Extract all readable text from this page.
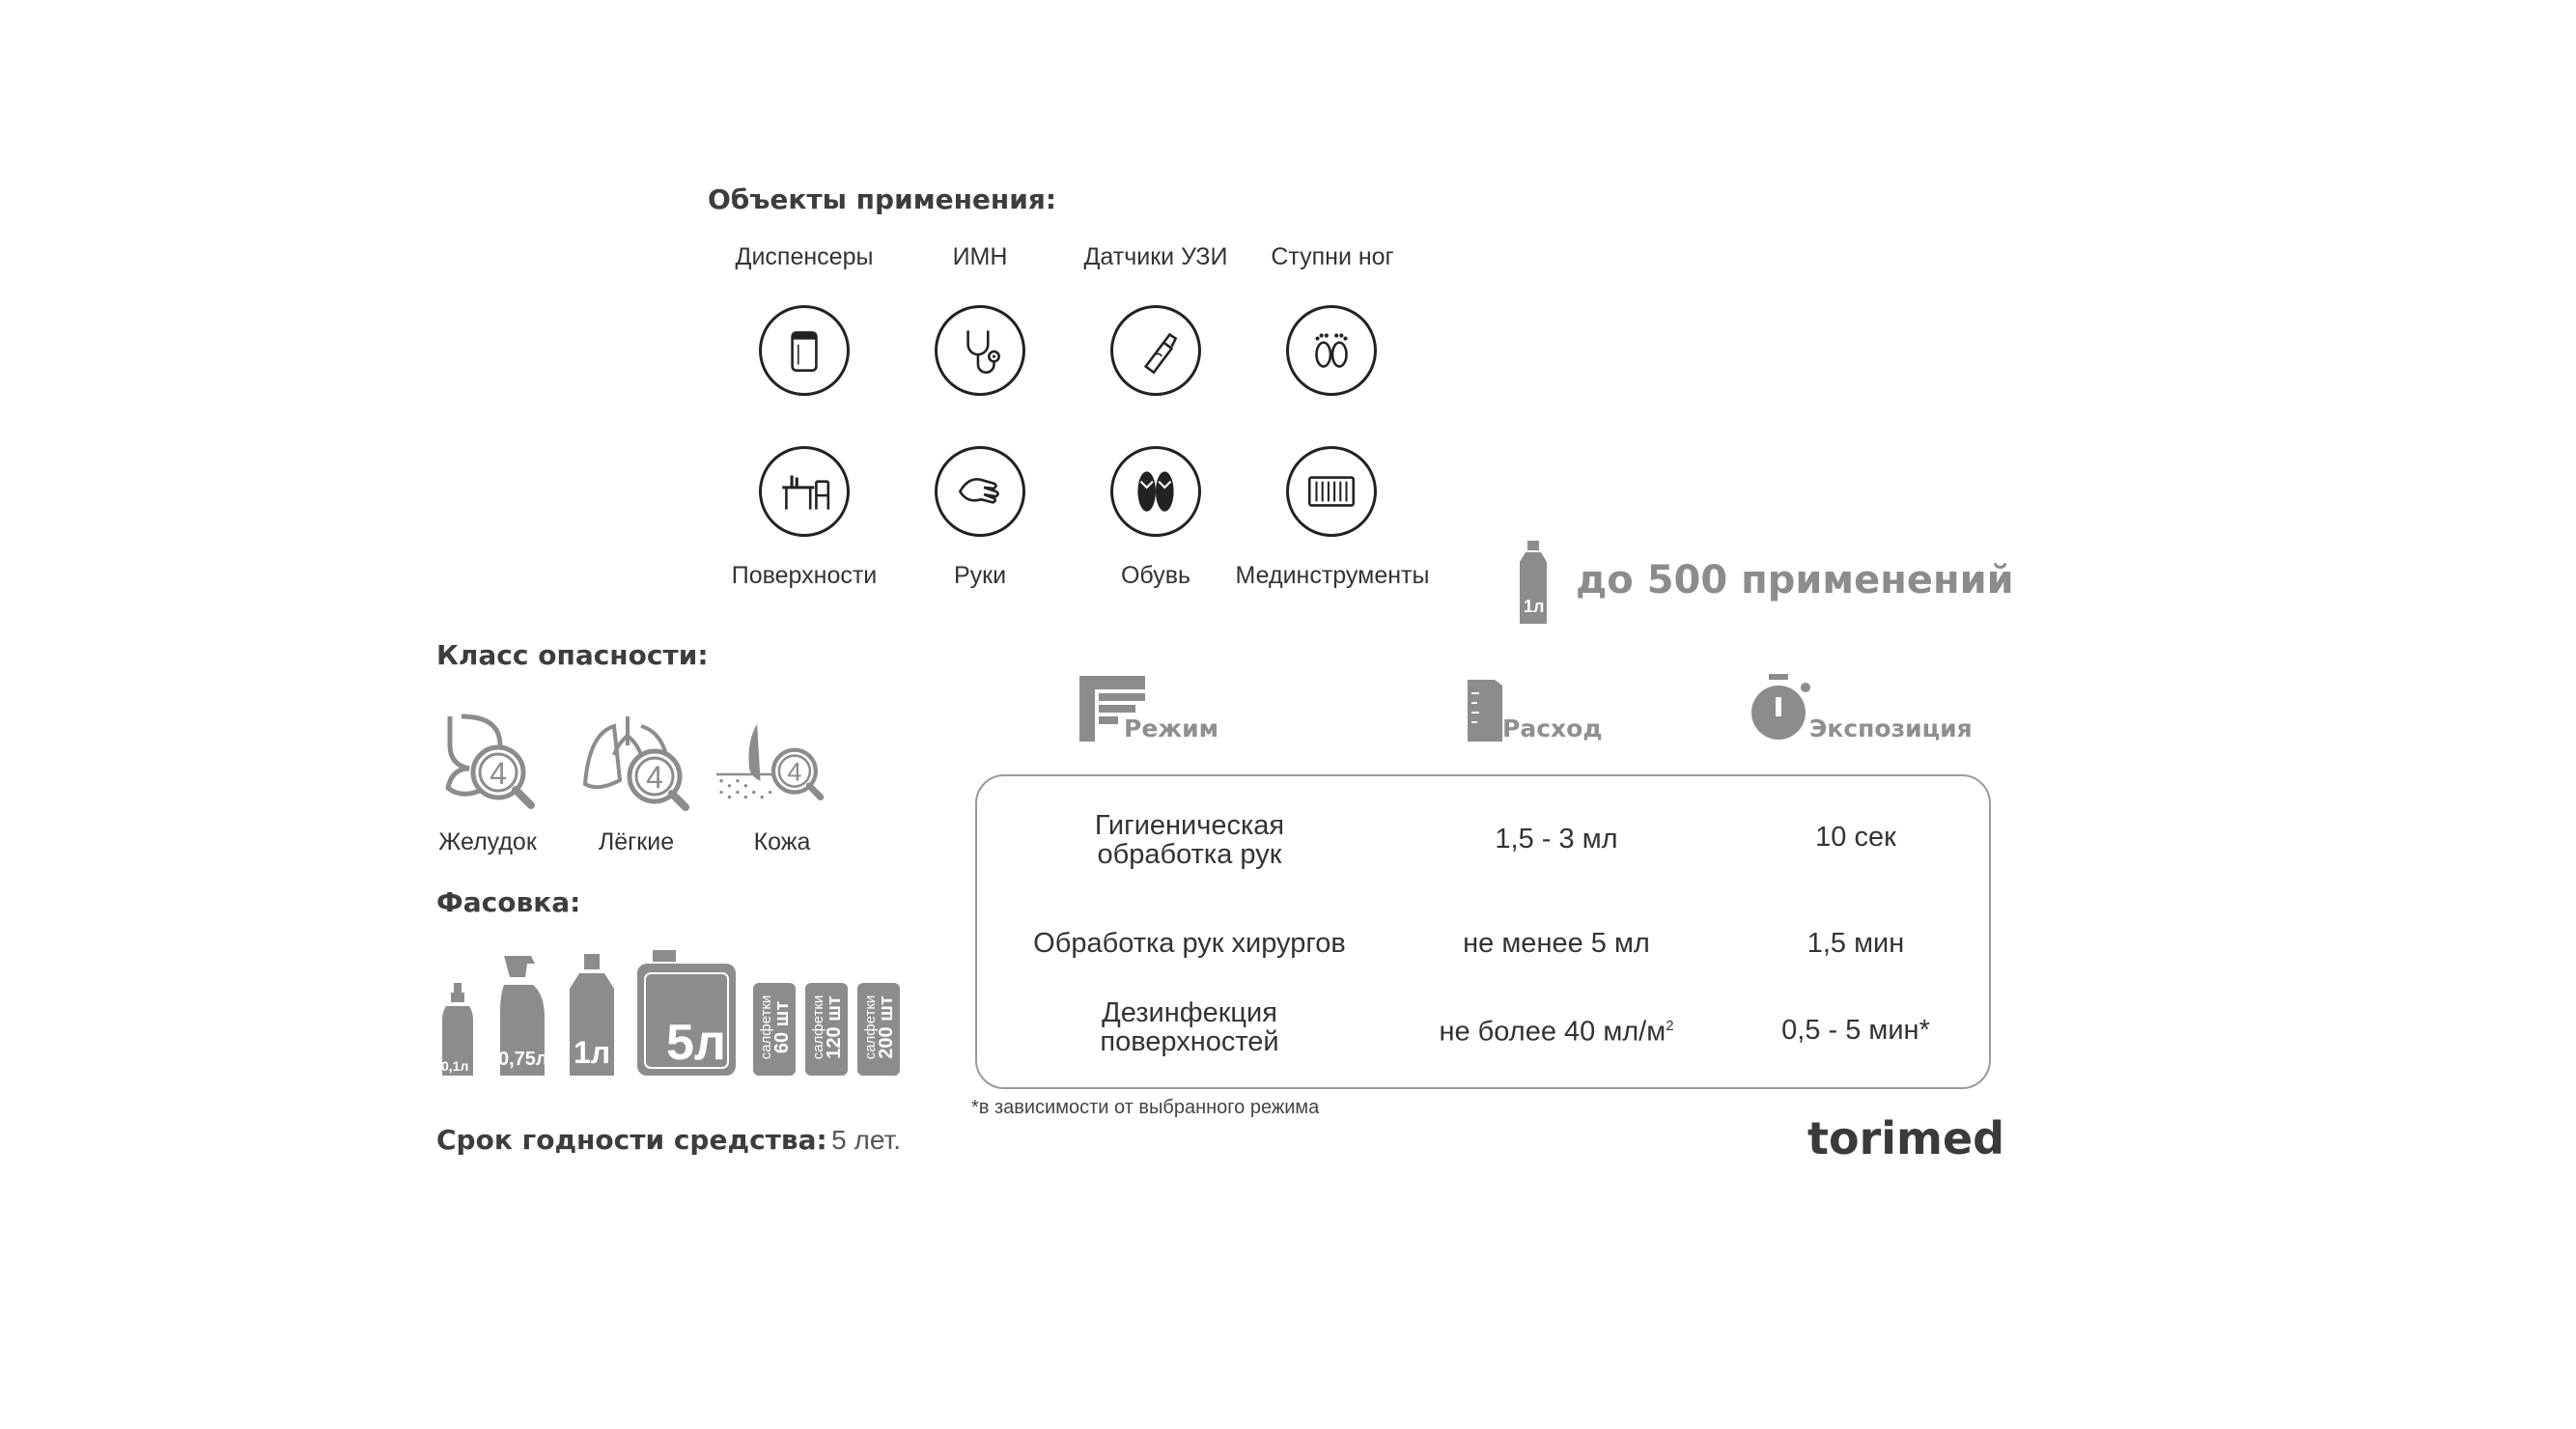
Объекты применения:
Диспенсеры	ИМН	Датчики УЗИ	Ступни ног
Поверхности	Руки	Обувь	Мединструменты
1л
до 500 применений
Класс опасности:
4	4	4
Желудок	Лёгкие	Кожа
Фасовка:
0,1л 0,75л 1л 5л салфетки
60 шт салфетки
120 шт салфетки
200 шт
Срок годности средства: 5 лет.
Режим	Расход	Экспозиция
Гигиеническая
обработка рук	1,5 - 3 мл	10 сек
Обработка рук хирургов	не менее 5 мл	1,5 мин
Дезинфекция
поверхностей	не более 40 $мл/м^2$	0,5 - 5 мин*
*в зависимости от выбранного режима
torimed
